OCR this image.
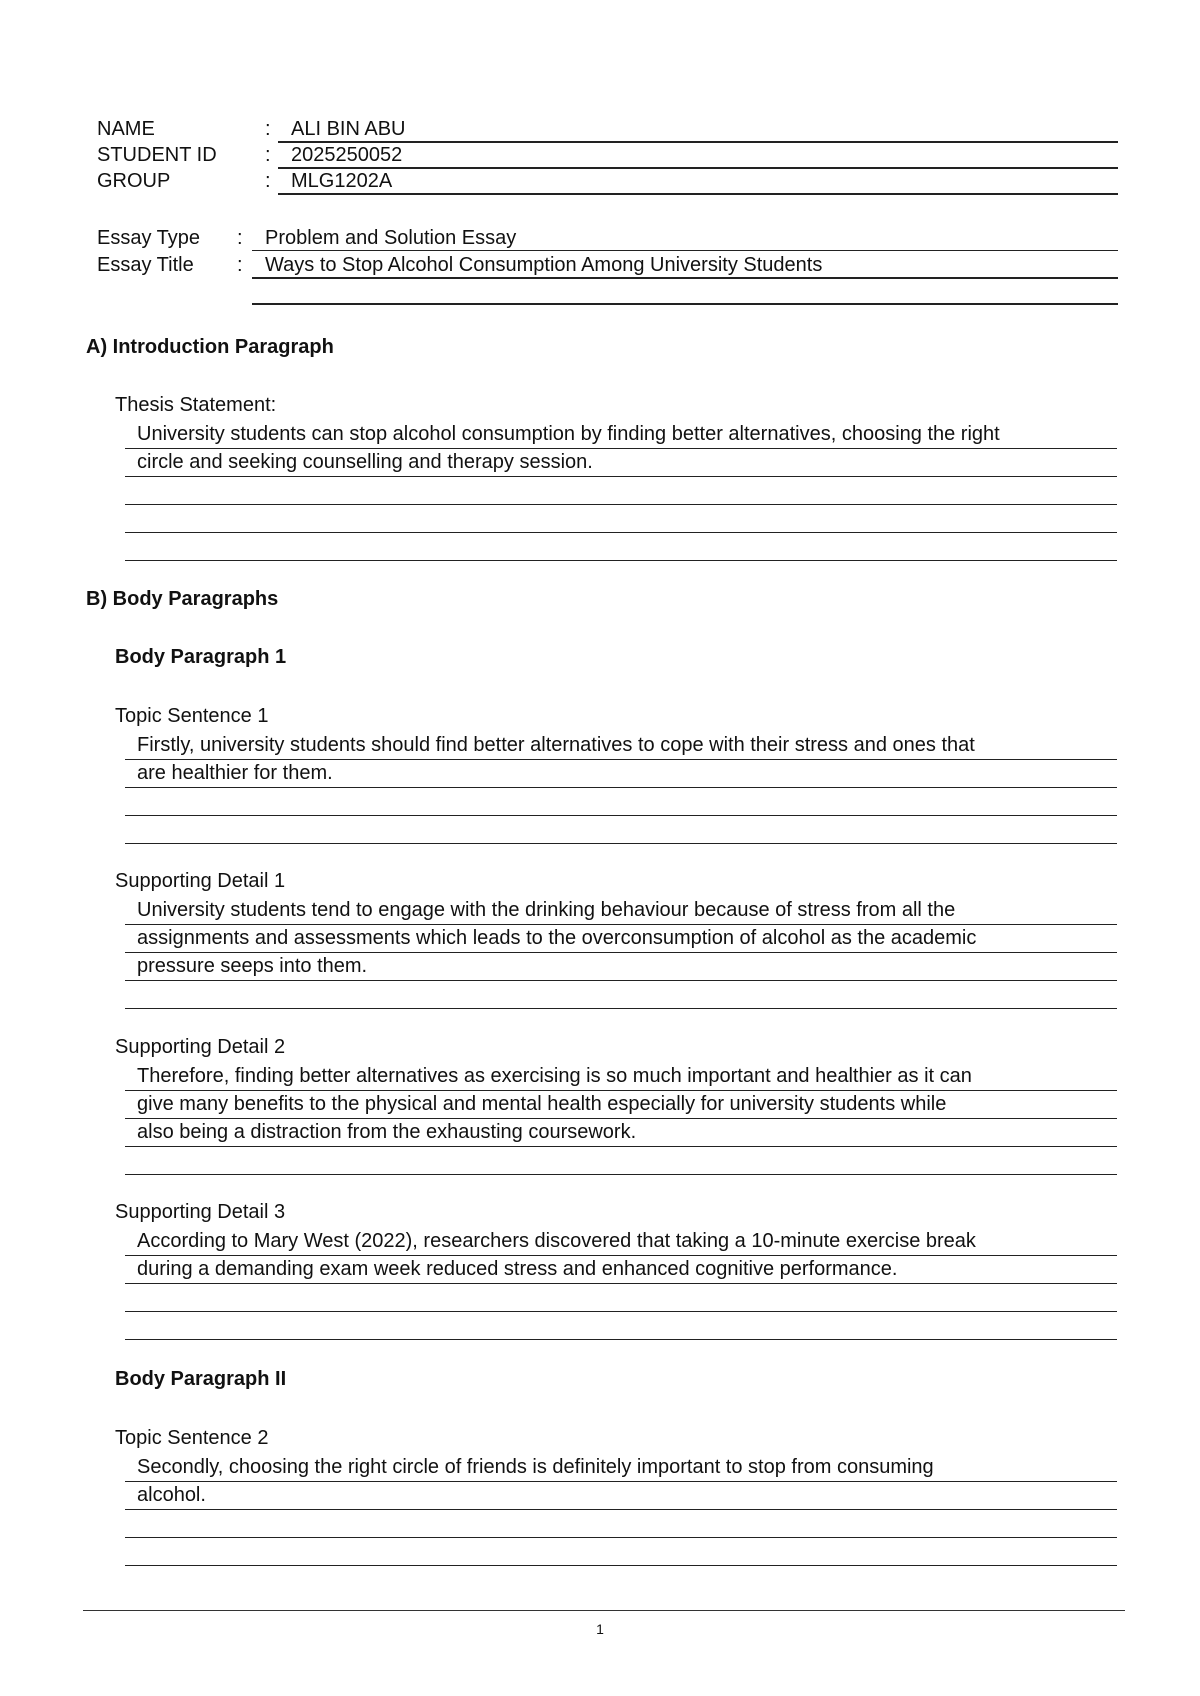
NAME	: ALI BIN ABU
STUDENT ID : 2025250052
GROUP	: MLG1202A
Essay Type : Problem and Solution Essay
Essay Title : Ways to Stop Alcohol Consumption Among University Students
A) Introduction Paragraph
Thesis Statement:
University students can stop alcohol consumption by finding better alternatives, choosing the right
circle and seeking counselling and therapy session.
B) Body Paragraphs
Body Paragraph 1
Topic Sentence 1
Firstly, university students should find better alternatives to cope with their stress and ones that
are healthier for them.
Supporting Detail 1
University students tend to engage with the drinking behaviour because of stress from all the
assignments and assessments which leads to the overconsumption of alcohol as the academic
pressure seeps into them.
Supporting Detail 2
Therefore, finding better alternatives as exercising is so much important and healthier as it can
give many benefits to the physical and mental health especially for university students while
also being a distraction from the exhausting coursework.
Supporting Detail 3
According to Mary West (2022), researchers discovered that taking a 10-minute exercise break
during a demanding exam week reduced stress and enhanced cognitive performance.
Body Paragraph II
Topic Sentence 2
Secondly, choosing the right circle of friends is definitely important to stop from consuming
alcohol.
1
